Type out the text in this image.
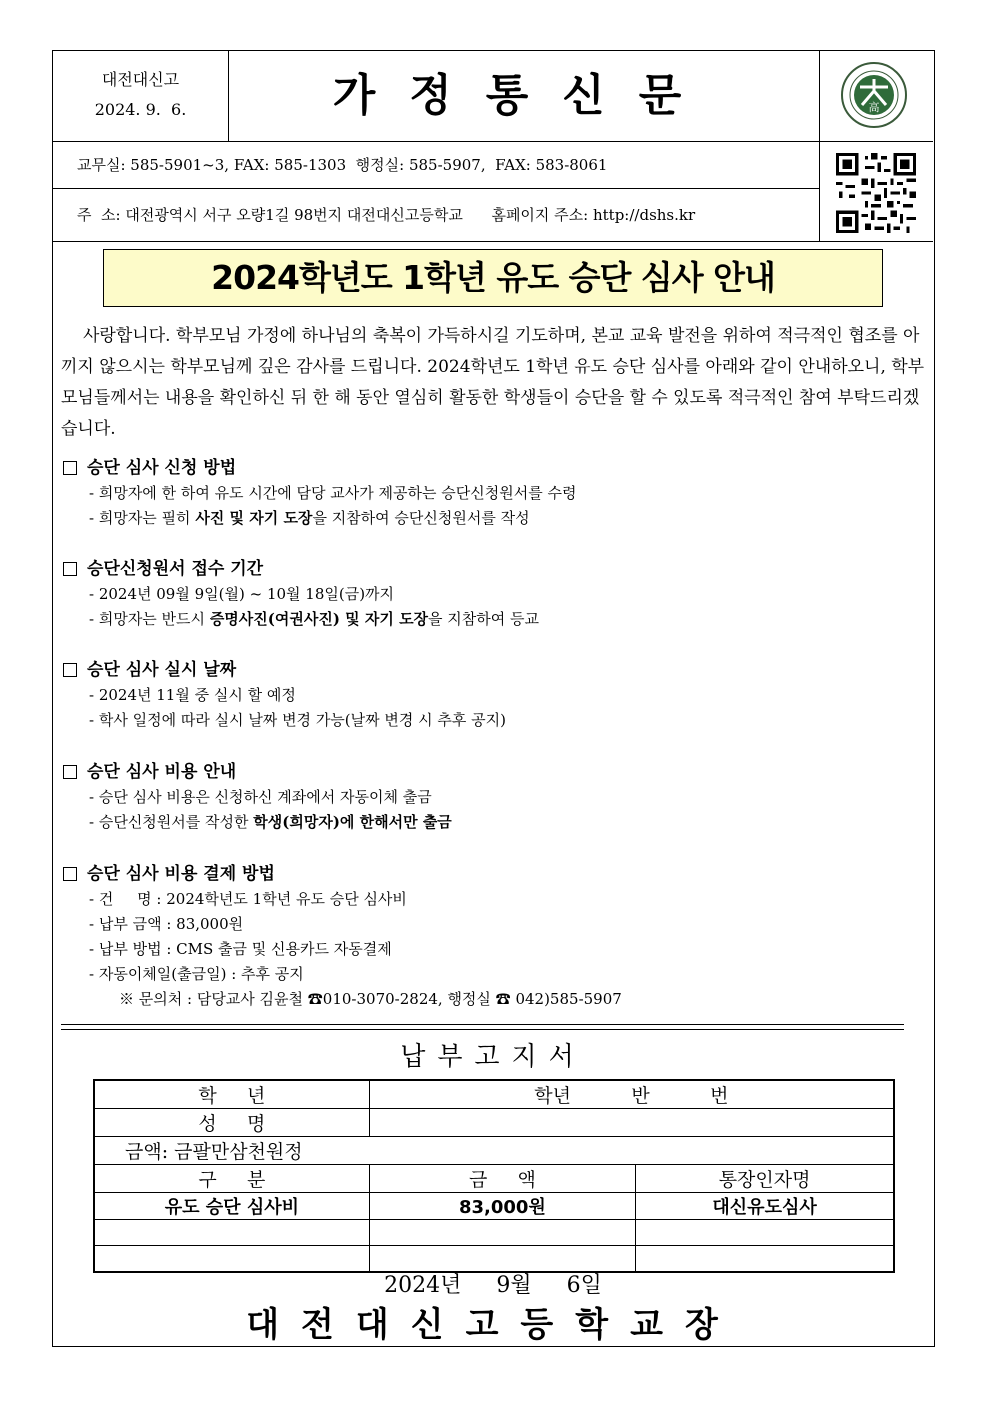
대전대신고
2024. 9.  6.	가정통신문	高
교무실: 585-5901~3, FAX: 585-1303  행정실: 585-5907,  FAX: 583-8061
주  소: 대전광역시 서구 오량1길 98번지 대전대신고등학교      홈페이지 주소: http://dshs.kr
2024학년도 1학년 유도 승단 심사 안내

사랑합니다. 학부모님 가정에 하나님의 축복이 가득하시길 기도하며, 본교 교육 발전을 위하여 적극적인 협조를 아끼지 않으시는 학부모님께 깊은 감사를 드립니다. 2024학년도 1학년 유도 승단 심사를 아래와 같이 안내하오니, 학부모님들께서는 내용을 확인하신 뒤 한 해 동안 열심히 활동한 학생들이 승단을 할 수 있도록 적극적인 참여 부탁드리겠습니다.

승단 심사 신청 방법
- 희망자에 한 하여 유도 시간에 담당 교사가 제공하는 승단신청원서를 수령
- 희망자는 필히 사진 및 자기 도장을 지참하여 승단신청원서를 작성
승단신청원서 접수 기간
- 2024년 09월 9일(월) ~ 10월 18일(금)까지
- 희망자는 반드시 증명사진(여권사진) 및 자기 도장을 지참하여 등교
승단 심사 실시 날짜
- 2024년 11월 중 실시 할 예정
- 학사 일정에 따라 실시 날짜 변경 가능(날짜 변경 시 추후 공지)
승단 심사 비용 안내
- 승단 심사 비용은 신청하신 계좌에서 자동이체 출금
- 승단신청원서를 작성한 학생(희망자)에 한해서만 출금
승단 심사 비용 결제 방법
- 건     명 : 2024학년도 1학년 유도 승단 심사비
- 납부 금액 : 83,000원
- 납부 방법 : CMS 출금 및 신용카드 자동결제
- 자동이체일(출금일) : 추후 공지
※ 문의처 : 담당교사 김윤철 ☎010-3070-2824, 행정실 ☎ 042)585-5907
납부고지서
학     년	학년          반          번	
성     명		
금액: 금팔만삼천원정		
구     분	금     액	통장인자명
유도 승단 심사비	83,000원	대신유도심사

2024년     9월     6일
대전대신고등학교장
